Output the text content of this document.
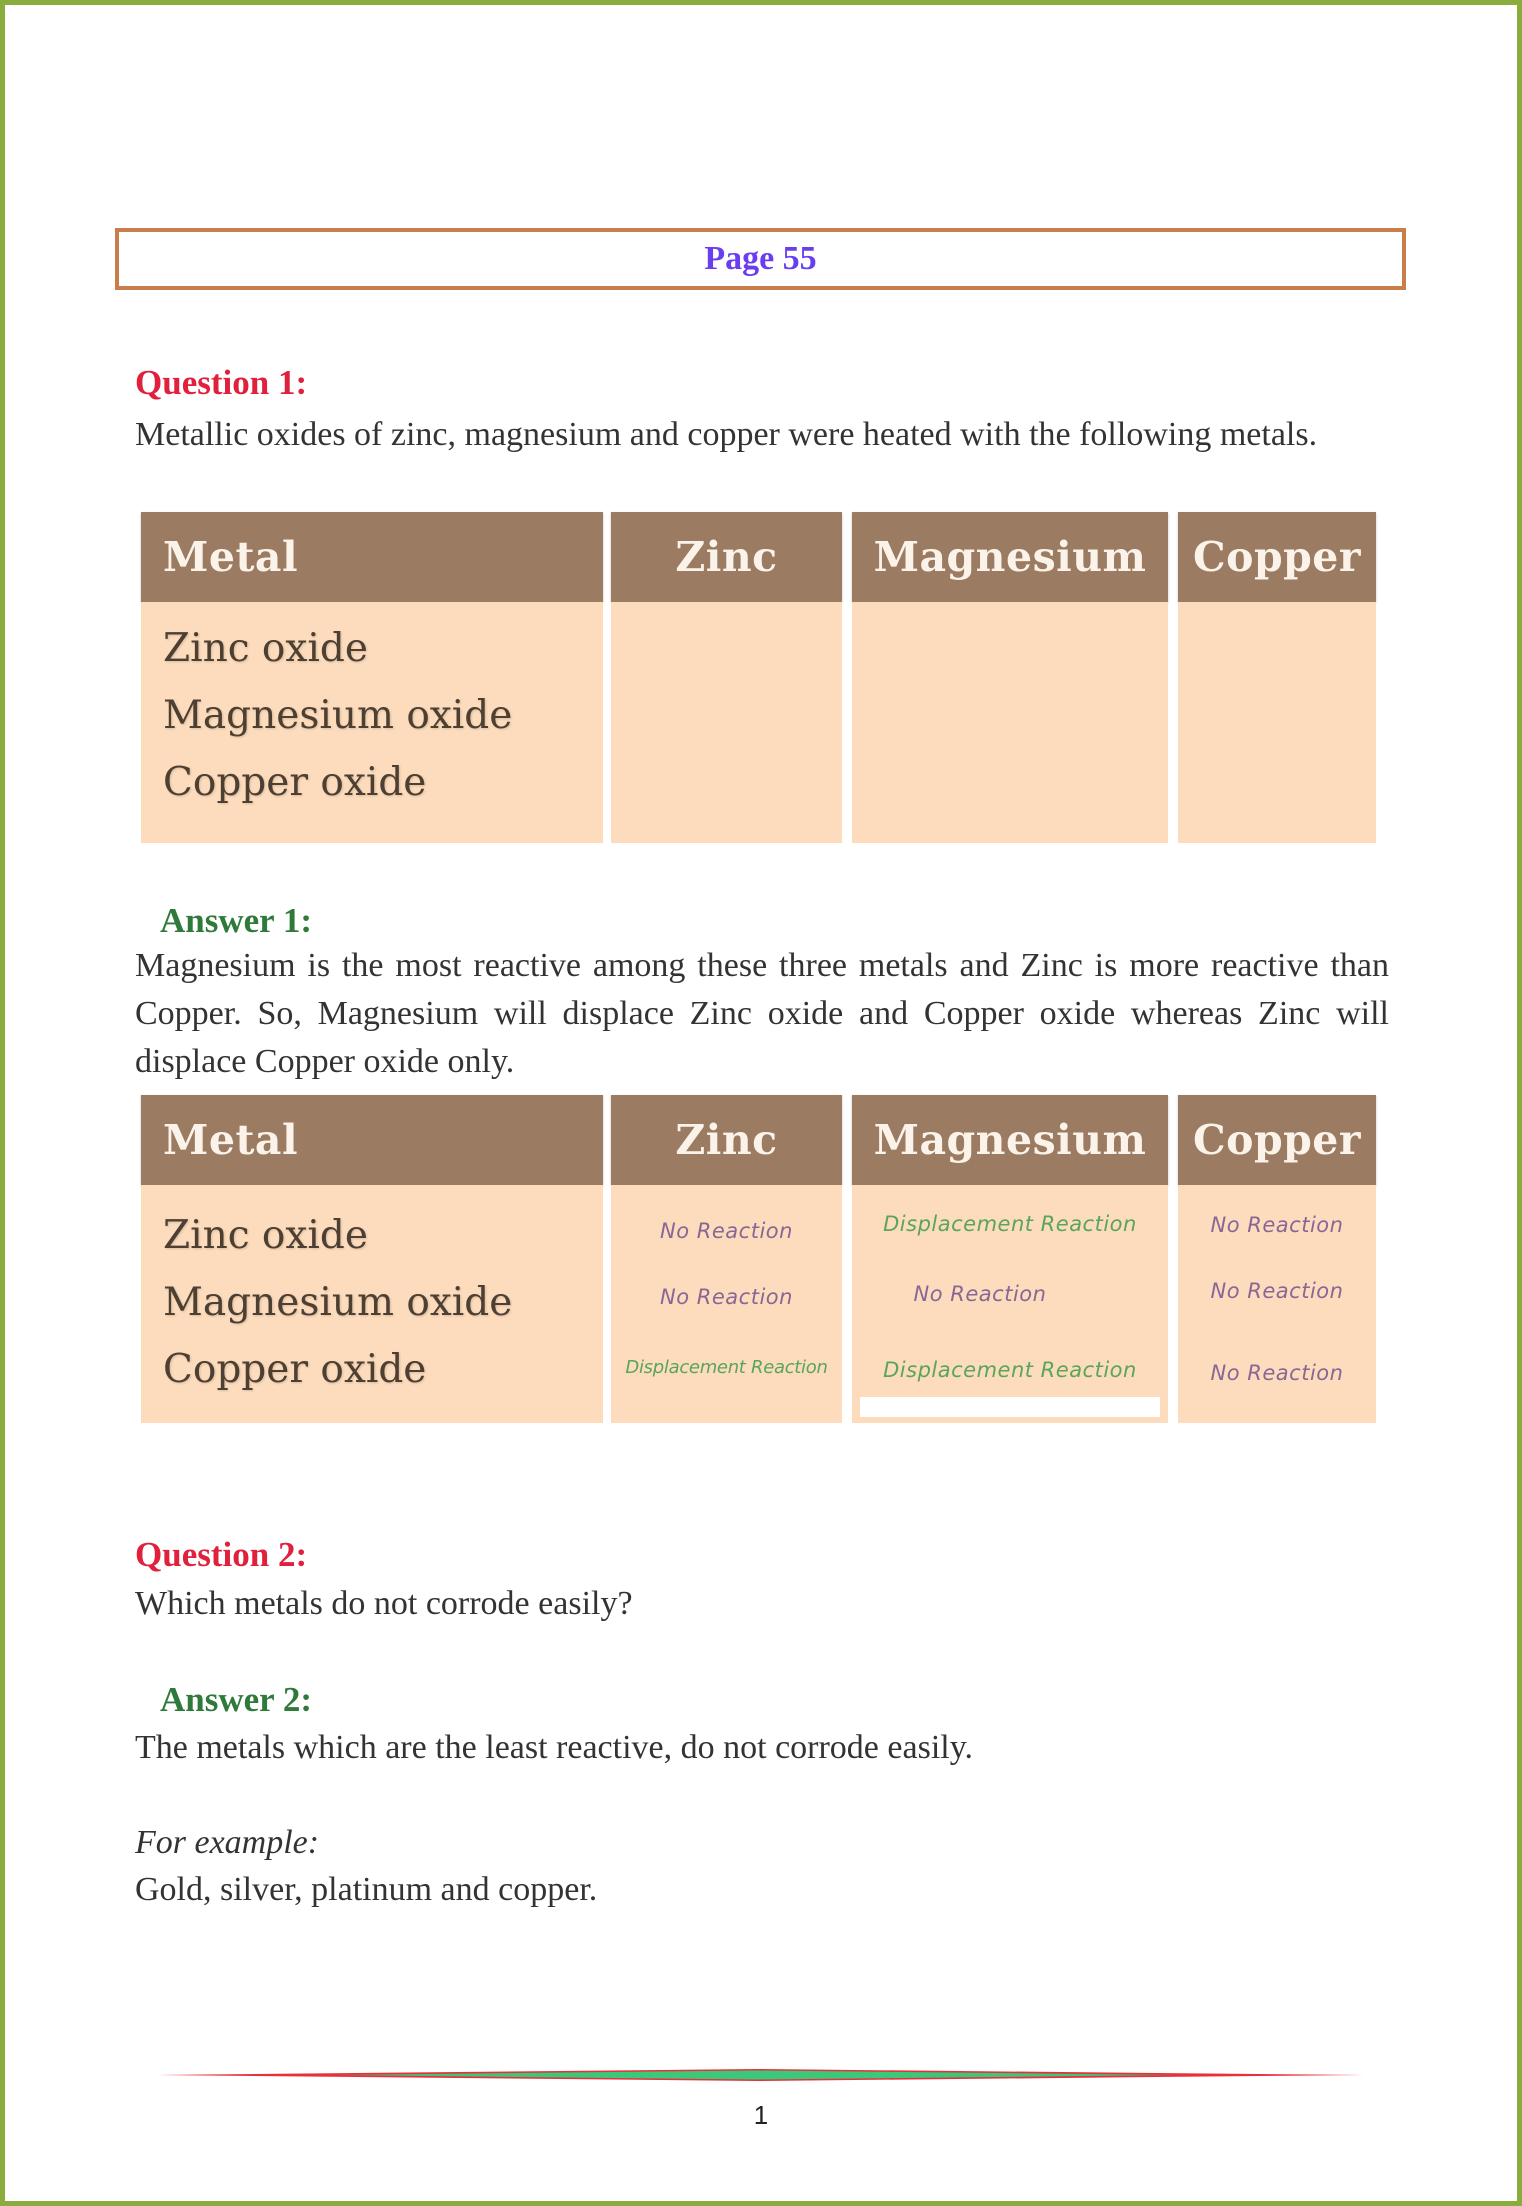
Page 55
Question 1:
Metallic oxides of zinc, magnesium and copper were heated with the following metals.
Metal
Zinc oxide
Magnesium oxide
Copper oxide
Zinc	Magnesium	Copper
Answer 1:
Magnesium is the most reactive among these three metals and Zinc is more reactive than Copper. So, Magnesium will displace Zinc oxide and Copper oxide whereas Zinc will displace Copper oxide only.
Metal
Zinc oxide
Magnesium oxide
Copper oxide
Zinc
No Reaction
No Reaction
Displacement Reaction
Magnesium
Displacement Reaction
No Reaction
Displacement Reaction
Copper
No Reaction
No Reaction
No Reaction
Question 2:
Which metals do not corrode easily?
Answer 2:
The metals which are the least reactive, do not corrode easily.
For example:
Gold, silver, platinum and copper.
1
